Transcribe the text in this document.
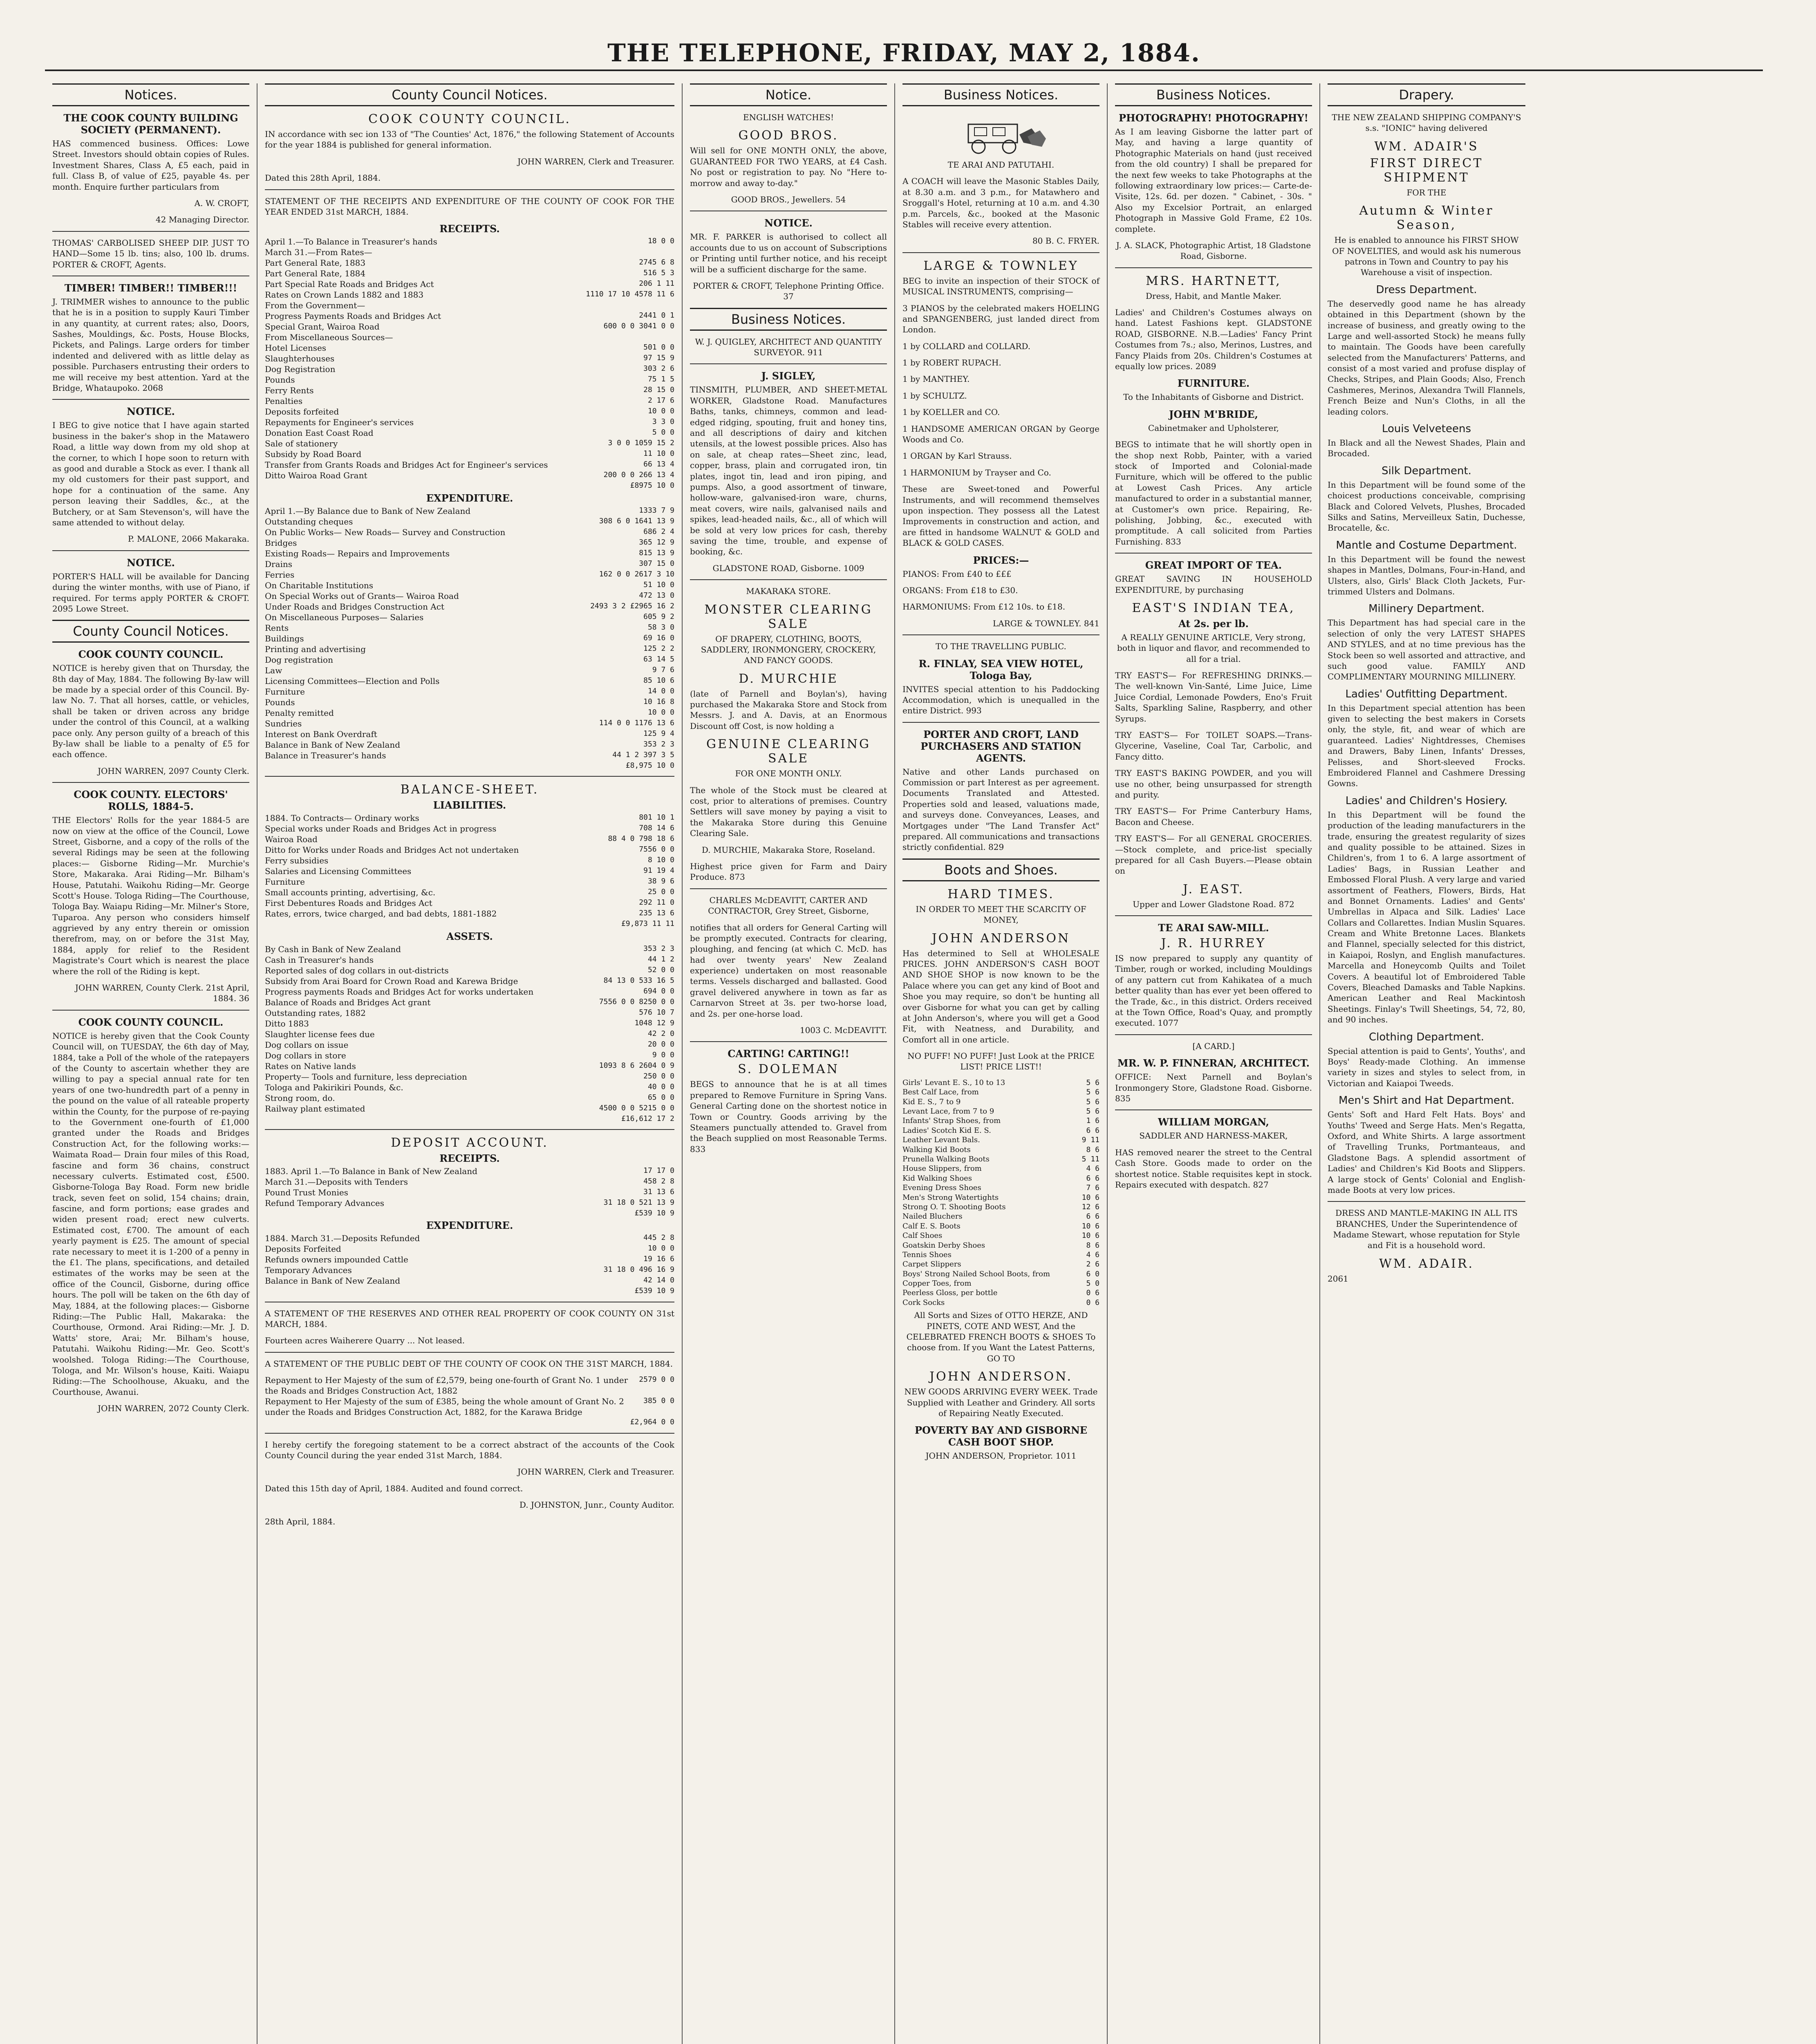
THE TELEPHONE, FRIDAY, MAY 2, 1884.
Notices.
THE COOK COUNTY BUILDING SOCIETY (PERMANENT).
HAS commenced business. Offices: Lowe Street. Investors should obtain copies of Rules. Investment Shares, Class A, £5 each, paid in full. Class B, of value of £25, payable 4s. per month. Enquire further particulars from
A. W. CROFT,
42 Managing Director.
THOMAS' CARBOLISED SHEEP DIP. JUST TO HAND—Some 15 lb. tins; also, 100 lb. drums. PORTER & CROFT, Agents.
TIMBER! TIMBER!! TIMBER!!!
J. TRIMMER wishes to announce to the public that he is in a position to supply Kauri Timber in any quantity, at current rates; also, Doors, Sashes, Mouldings, &c. Posts, House Blocks, Pickets, and Palings. Large orders for timber indented and delivered with as little delay as possible. Purchasers entrusting their orders to me will receive my best attention. Yard at the Bridge, Whataupoko. 2068
NOTICE.
I BEG to give notice that I have again started business in the baker's shop in the Matawero Road, a little way down from my old shop at the corner, to which I hope soon to return with as good and durable a Stock as ever. I thank all my old customers for their past support, and hope for a continuation of the same. Any person leaving their Saddles, &c., at the Butchery, or at Sam Stevenson's, will have the same attended to without delay.
P. MALONE, 2066 Makaraka.
NOTICE.
PORTER'S HALL will be available for Dancing during the winter months, with use of Piano, if required. For terms apply PORTER & CROFT. 2095 Lowe Street.
County Council Notices.
COOK COUNTY COUNCIL.
NOTICE is hereby given that on Thursday, the 8th day of May, 1884. The following By-law will be made by a special order of this Council. By-law No. 7. That all horses, cattle, or vehicles, shall be taken or driven across any bridge under the control of this Council, at a walking pace only. Any person guilty of a breach of this By-law shall be liable to a penalty of £5 for each offence.
JOHN WARREN, 2097 County Clerk.
COOK COUNTY. ELECTORS' ROLLS, 1884-5.
THE Electors' Rolls for the year 1884-5 are now on view at the office of the Council, Lowe Street, Gisborne, and a copy of the rolls of the several Ridings may be seen at the following places:— Gisborne Riding—Mr. Murchie's Store, Makaraka. Arai Riding—Mr. Bilham's House, Patutahi. Waikohu Riding—Mr. George Scott's House. Tologa Riding—The Courthouse, Tologa Bay. Waiapu Riding—Mr. Milner's Store, Tuparoa. Any person who considers himself aggrieved by any entry therein or omission therefrom, may, on or before the 31st May, 1884, apply for relief to the Resident Magistrate's Court which is nearest the place where the roll of the Riding is kept.
JOHN WARREN, County Clerk. 21st April, 1884. 36
COOK COUNTY COUNCIL.
NOTICE is hereby given that the Cook County Council will, on TUESDAY, the 6th day of May, 1884, take a Poll of the whole of the ratepayers of the County to ascertain whether they are willing to pay a special annual rate for ten years of one two-hundredth part of a penny in the pound on the value of all rateable property within the County, for the purpose of re-paying to the Government one-fourth of £1,000 granted under the Roads and Bridges Construction Act, for the following works:— Waimata Road— Drain four miles of this Road, fascine and form 36 chains, construct necessary culverts. Estimated cost, £500. Gisborne-Tologa Bay Road. Form new bridle track, seven feet on solid, 154 chains; drain, fascine, and form portions; ease grades and widen present road; erect new culverts. Estimated cost, £700. The amount of each yearly payment is £25. The amount of special rate necessary to meet it is 1-200 of a penny in the £1. The plans, specifications, and detailed estimates of the works may be seen at the office of the Council, Gisborne, during office hours. The poll will be taken on the 6th day of May, 1884, at the following places:— Gisborne Riding:—The Public Hall, Makaraka: the Courthouse, Ormond. Arai Riding:—Mr. J. D. Watts' store, Arai; Mr. Bilham's house, Patutahi. Waikohu Riding:—Mr. Geo. Scott's woolshed. Tologa Riding:—The Courthouse, Tologa, and Mr. Wilson's house, Kaiti. Waiapu Riding:—The Schoolhouse, Akuaku, and the Courthouse, Awanui.
JOHN WARREN, 2072 County Clerk.
County Council Notices.
COOK COUNTY COUNCIL.
IN accordance with sec ion 133 of "The Counties' Act, 1876," the following Statement of Accounts for the year 1884 is published for general information.
JOHN WARREN, Clerk and Treasurer.
Dated this 28th April, 1884.
STATEMENT OF THE RECEIPTS AND EXPENDITURE OF THE COUNTY OF COOK FOR THE YEAR ENDED 31st MARCH, 1884.
RECEIPTS.
April 1.—To Balance in Treasurer's hands	18 0 0
March 31.—From Rates—
Part General Rate, 1883	2745 6 8
Part General Rate, 1884	516 5 3
Part Special Rate Roads and Bridges Act	206 1 11
Rates on Crown Lands 1882 and 1883	1110 17 10 4578 11 6
From the Government—
Progress Payments Roads and Bridges Act	2441 0 1
Special Grant, Wairoa Road	600 0 0 3041 0 0
From Miscellaneous Sources—
Hotel Licenses	501 0 0
Slaughterhouses	97 15 9
Dog Registration	303 2 6
Pounds	75 1 5
Ferry Rents	28 15 0
Penalties	2 17 6
Deposits forfeited	10 0 0
Repayments for Engineer's services	3 3 0
Donation East Coast Road	5 0 0
Sale of stationery	3 0 0 1059 15 2
Subsidy by Road Board	11 10 0
Transfer from Grants Roads and Bridges Act for Engineer's services	66 13 4
Ditto Wairoa Road Grant	200 0 0 266 13 4
£8975 10 0
EXPENDITURE.
April 1.—By Balance due to Bank of New Zealand	1333 7 9
Outstanding cheques	308 6 0 1641 13 9
On Public Works— New Roads— Survey and Construction	686 2 4
Bridges	365 12 9
Existing Roads— Repairs and Improvements	815 13 9
Drains	307 15 0
Ferries	162 0 0 2617 3 10
On Charitable Institutions	51 10 0
On Special Works out of Grants— Wairoa Road	472 13 0
Under Roads and Bridges Construction Act	2493 3 2 £2965 16 2
On Miscellaneous Purposes— Salaries	605 9 2
Rents	58 3 0
Buildings	69 16 0
Printing and advertising	125 2 2
Dog registration	63 14 5
Law	9 7 6
Licensing Committees—Election and Polls	85 10 6
Furniture	14 0 0
Pounds	10 16 8
Penalty remitted	10 0 0
Sundries	114 0 0 1176 13 6
Interest on Bank Overdraft	125 9 4
Balance in Bank of New Zealand	353 2 3
Balance in Treasurer's hands	44 1 2 397 3 5
£8,975 10 0
BALANCE-SHEET.
LIABILITIES.
1884. To Contracts— Ordinary works	801 10 1
Special works under Roads and Bridges Act in progress	708 14 6
Wairoa Road	88 4 0 798 18 6
Ditto for Works under Roads and Bridges Act not undertaken	7556 0 0
Ferry subsidies	8 10 0
Salaries and Licensing Committees	91 19 4
Furniture	38 9 6
Small accounts printing, advertising, &c.	25 0 0
First Debentures Roads and Bridges Act	292 11 0
Rates, errors, twice charged, and bad debts, 1881-1882	235 13 6
£9,873 11 11
ASSETS.
By Cash in Bank of New Zealand	353 2 3
Cash in Treasurer's hands	44 1 2
Reported sales of dog collars in out-districts	52 0 0
Subsidy from Arai Board for Crown Road and Karewa Bridge	84 13 0 533 16 5
Progress payments Roads and Bridges Act for works undertaken	694 0 0
Balance of Roads and Bridges Act grant	7556 0 0 8250 0 0
Outstanding rates, 1882	576 10 7
Ditto 1883	1048 12 9
Slaughter license fees due	42 2 0
Dog collars on issue	20 0 0
Dog collars in store	9 0 0
Rates on Native lands	1093 8 6 2604 0 9
Property— Tools and furniture, less depreciation	250 0 0
Tologa and Pakirikiri Pounds, &c.	40 0 0
Strong room, do.	65 0 0
Railway plant estimated	4500 0 0 5215 0 0
£16,612 17 2
DEPOSIT ACCOUNT.
RECEIPTS.
1883. April 1.—To Balance in Bank of New Zealand	17 17 0
March 31.—Deposits with Tenders	458 2 8
Pound Trust Monies	31 13 6
Refund Temporary Advances	31 18 0 521 13 9
£539 10 9
EXPENDITURE.
1884. March 31.—Deposits Refunded	445 2 8
Deposits Forfeited	10 0 0
Refunds owners impounded Cattle	19 16 6
Temporary Advances	31 18 0 496 16 9
Balance in Bank of New Zealand	42 14 0
£539 10 9
A STATEMENT OF THE RESERVES AND OTHER REAL PROPERTY OF COOK COUNTY ON 31st MARCH, 1884.
Fourteen acres Waiherere Quarry ... Not leased.
A STATEMENT OF THE PUBLIC DEBT OF THE COUNTY OF COOK ON THE 31ST MARCH, 1884.
Repayment to Her Majesty of the sum of £2,579, being one-fourth of Grant No. 1 under the Roads and Bridges Construction Act, 1882
2579 0 0
Repayment to Her Majesty of the sum of £385, being the whole amount of Grant No. 2 under the Roads and Bridges Construction Act, 1882, for the Karawa Bridge
385 0 0
£2,964 0 0
I hereby certify the foregoing statement to be a correct abstract of the accounts of the Cook County Council during the year ended 31st March, 1884.
JOHN WARREN, Clerk and Treasurer.
Dated this 15th day of April, 1884. Audited and found correct.
D. JOHNSTON, Junr., County Auditor.
28th April, 1884.
Notice.
ENGLISH WATCHES!
GOOD BROS.
Will sell for ONE MONTH ONLY, the above, GUARANTEED FOR TWO YEARS, at £4 Cash. No post or registration to pay. No "Here to-morrow and away to-day."
GOOD BROS., Jewellers. 54
NOTICE.
MR. F. PARKER is authorised to collect all accounts due to us on account of Subscriptions or Printing until further notice, and his receipt will be a sufficient discharge for the same.
PORTER & CROFT, Telephone Printing Office. 37
Business Notices.
W. J. QUIGLEY, ARCHITECT AND QUANTITY SURVEYOR. 911
J. SIGLEY,
TINSMITH, PLUMBER, AND SHEET-METAL WORKER, Gladstone Road. Manufactures Baths, tanks, chimneys, common and lead-edged ridging, spouting, fruit and honey tins, and all descriptions of dairy and kitchen utensils, at the lowest possible prices. Also has on sale, at cheap rates—Sheet zinc, lead, copper, brass, plain and corrugated iron, tin plates, ingot tin, lead and iron piping, and pumps. Also, a good assortment of tinware, hollow-ware, galvanised-iron ware, churns, meat covers, wire nails, galvanised nails and spikes, lead-headed nails, &c., all of which will be sold at very low prices for cash, thereby saving the time, trouble, and expense of booking, &c.
GLADSTONE ROAD, Gisborne. 1009
MAKARAKA STORE.
MONSTER CLEARING SALE
OF DRAPERY, CLOTHING, BOOTS, SADDLERY, IRONMONGERY, CROCKERY, AND FANCY GOODS.
D. MURCHIE
(late of Parnell and Boylan's), having purchased the Makaraka Store and Stock from Messrs. J. and A. Davis, at an Enormous Discount off Cost, is now holding a
GENUINE CLEARING SALE
FOR ONE MONTH ONLY.
The whole of the Stock must be cleared at cost, prior to alterations of premises. Country Settlers will save money by paying a visit to the Makaraka Store during this Genuine Clearing Sale.
D. MURCHIE, Makaraka Store, Roseland.
Highest price given for Farm and Dairy Produce. 873
CHARLES McDEAVITT, CARTER AND CONTRACTOR, Grey Street, Gisborne,
notifies that all orders for General Carting will be promptly executed. Contracts for clearing, ploughing, and fencing (at which C. McD. has had over twenty years' New Zealand experience) undertaken on most reasonable terms. Vessels discharged and ballasted. Good gravel delivered anywhere in town as far as Carnarvon Street at 3s. per two-horse load, and 2s. per one-horse load.
1003 C. McDEAVITT.
CARTING! CARTING!!
S. DOLEMAN
BEGS to announce that he is at all times prepared to Remove Furniture in Spring Vans. General Carting done on the shortest notice in Town or Country. Goods arriving by the Steamers punctually attended to. Gravel from the Beach supplied on most Reasonable Terms. 833
Business Notices.
TE ARAI AND PATUTAHI.
A COACH will leave the Masonic Stables Daily, at 8.30 a.m. and 3 p.m., for Matawhero and Sroggall's Hotel, returning at 10 a.m. and 4.30 p.m. Parcels, &c., booked at the Masonic Stables will receive every attention.
80 B. C. FRYER.
LARGE & TOWNLEY
BEG to invite an inspection of their STOCK of MUSICAL INSTRUMENTS, comprising—
3 PIANOS by the celebrated makers HOELING and SPANGENBERG, just landed direct from London.
1 by COLLARD and COLLARD.
1 by ROBERT RUPACH.
1 by MANTHEY.
1 by SCHULTZ.
1 by KOELLER and CO.
1 HANDSOME AMERICAN ORGAN by George Woods and Co.
1 ORGAN by Karl Strauss.
1 HARMONIUM by Trayser and Co.
These are Sweet-toned and Powerful Instruments, and will recommend themselves upon inspection. They possess all the Latest Improvements in construction and action, and are fitted in handsome WALNUT & GOLD and BLACK & GOLD CASES.
PRICES:—
PIANOS: From £40 to £££
ORGANS: From £18 to £30.
HARMONIUMS: From £12 10s. to £18.
LARGE & TOWNLEY. 841
TO THE TRAVELLING PUBLIC.
R. FINLAY, SEA VIEW HOTEL, Tologa Bay,
INVITES special attention to his Paddocking Accommodation, which is unequalled in the entire District. 993
PORTER AND CROFT, LAND PURCHASERS AND STATION AGENTS.
Native and other Lands purchased on Commission or part Interest as per agreement. Documents Translated and Attested. Properties sold and leased, valuations made, and surveys done. Conveyances, Leases, and Mortgages under "The Land Transfer Act" prepared. All communications and transactions strictly confidential. 829
Boots and Shoes.
HARD TIMES.
IN ORDER TO MEET THE SCARCITY OF MONEY,
JOHN ANDERSON
Has determined to Sell at WHOLESALE PRICES. JOHN ANDERSON'S CASH BOOT AND SHOE SHOP is now known to be the Palace where you can get any kind of Boot and Shoe you may require, so don't be hunting all over Gisborne for what you can get by calling at John Anderson's, where you will get a Good Fit, with Neatness, and Durability, and Comfort all in one article.
NO PUFF! NO PUFF! Just Look at the PRICE LIST! PRICE LIST!!
Girls' Levant E. S., 10 to 13	5 6
Best Calf Lace, from	5 6
Kid E. S., 7 to 9	5 6
Levant Lace, from 7 to 9	5 6
Infants' Strap Shoes, from	1 6
Ladies' Scotch Kid E. S.	6 6
Leather Levant Bals.	9 11
Walking Kid Boots	8 6
Prunella Walking Boots	5 11
House Slippers, from	4 6
Kid Walking Shoes	6 6
Evening Dress Shoes	7 6
Men's Strong Watertights	10 6
Strong O. T. Shooting Boots	12 6
Nailed Bluchers	6 6
Calf E. S. Boots	10 6
Calf Shoes	10 6
Goatskin Derby Shoes	8 6
Tennis Shoes	4 6
Carpet Slippers	2 6
Boys' Strong Nailed School Boots, from	6 0
Copper Toes, from	5 0
Peerless Gloss, per bottle	0 6
Cork Socks	0 6
All Sorts and Sizes of OTTO HERZE, AND PINETS, COTE AND WEST, And the CELEBRATED FRENCH BOOTS & SHOES To choose from. If you Want the Latest Patterns, GO TO
JOHN ANDERSON.
NEW GOODS ARRIVING EVERY WEEK. Trade Supplied with Leather and Grindery. All sorts of Repairing Neatly Executed.
POVERTY BAY AND GISBORNE CASH BOOT SHOP.
JOHN ANDERSON, Proprietor. 1011
Business Notices.
PHOTOGRAPHY! PHOTOGRAPHY!
As I am leaving Gisborne the latter part of May, and having a large quantity of Photographic Materials on hand (just received from the old country) I shall be prepared for the next few weeks to take Photographs at the following extraordinary low prices:— Carte-de-Visite, 12s. 6d. per dozen. " Cabinet, - 30s. " Also my Excelsior Portrait, an enlarged Photograph in Massive Gold Frame, £2 10s. complete.
J. A. SLACK, Photographic Artist, 18 Gladstone Road, Gisborne.
MRS. HARTNETT,
Dress, Habit, and Mantle Maker.
Ladies' and Children's Costumes always on hand. Latest Fashions kept. GLADSTONE ROAD, GISBORNE. N.B.—Ladies' Fancy Print Costumes from 7s.; also, Merinos, Lustres, and Fancy Plaids from 20s. Children's Costumes at equally low prices. 2089
FURNITURE.
To the Inhabitants of Gisborne and District.
JOHN M'BRIDE,
Cabinetmaker and Upholsterer,
BEGS to intimate that he will shortly open in the shop next Robb, Painter, with a varied stock of Imported and Colonial-made Furniture, which will be offered to the public at Lowest Cash Prices. Any article manufactured to order in a substantial manner, at Customer's own price. Repairing, Re-polishing, Jobbing, &c., executed with promptitude. A call solicited from Parties Furnishing. 833
GREAT IMPORT OF TEA.
GREAT SAVING IN HOUSEHOLD EXPENDITURE, by purchasing
EAST'S INDIAN TEA,
At 2s. per lb.
A REALLY GENUINE ARTICLE, Very strong, both in liquor and flavor, and recommended to all for a trial.
TRY EAST'S— For REFRESHING DRINKS.—The well-known Vin-Santé, Lime Juice, Lime Juice Cordial, Lemonade Powders, Eno's Fruit Salts, Sparkling Saline, Raspberry, and other Syrups.
TRY EAST'S— For TOILET SOAPS.—Trans-Glycerine, Vaseline, Coal Tar, Carbolic, and Fancy ditto.
TRY EAST'S BAKING POWDER, and you will use no other, being unsurpassed for strength and purity.
TRY EAST'S— For Prime Canterbury Hams, Bacon and Cheese.
TRY EAST'S— For all GENERAL GROCERIES.—Stock complete, and price-list specially prepared for all Cash Buyers.—Please obtain on
J. EAST.
Upper and Lower Gladstone Road. 872
TE ARAI SAW-MILL.
J. R. HURREY
IS now prepared to supply any quantity of Timber, rough or worked, including Mouldings of any pattern cut from Kahikatea of a much better quality than has ever yet been offered to the Trade, &c., in this district. Orders received at the Town Office, Road's Quay, and promptly executed. 1077
[A CARD.]
MR. W. P. FINNERAN, ARCHITECT.
OFFICE: Next Parnell and Boylan's Ironmongery Store, Gladstone Road. Gisborne. 835
WILLIAM MORGAN,
SADDLER AND HARNESS-MAKER,
HAS removed nearer the street to the Central Cash Store. Goods made to order on the shortest notice. Stable requisites kept in stock. Repairs executed with despatch. 827
Drapery.
THE NEW ZEALAND SHIPPING COMPANY'S s.s. "IONIC" having delivered
WM. ADAIR'S
FIRST DIRECT SHIPMENT
FOR THE
Autumn & Winter Season,
He is enabled to announce his FIRST SHOW OF NOVELTIES, and would ask his numerous patrons in Town and Country to pay his Warehouse a visit of inspection.
Dress Department.
The deservedly good name he has already obtained in this Department (shown by the increase of business, and greatly owing to the Large and well-assorted Stock) he means fully to maintain. The Goods have been carefully selected from the Manufacturers' Patterns, and consist of a most varied and profuse display of Checks, Stripes, and Plain Goods; Also, French Cashmeres, Merinos, Alexandra Twill Flannels, French Beize and Nun's Cloths, in all the leading colors.
Louis Velveteens
In Black and all the Newest Shades, Plain and Brocaded.
Silk Department.
In this Department will be found some of the choicest productions conceivable, comprising Black and Colored Velvets, Plushes, Brocaded Silks and Satins, Merveilleux Satin, Duchesse, Brocatelle, &c.
Mantle and Costume Department.
In this Department will be found the newest shapes in Mantles, Dolmans, Four-in-Hand, and Ulsters, also, Girls' Black Cloth Jackets, Fur-trimmed Ulsters and Dolmans.
Millinery Department.
This Department has had special care in the selection of only the very LATEST SHAPES AND STYLES, and at no time previous has the Stock been so well assorted and attractive, and such good value. FAMILY AND COMPLIMENTARY MOURNING MILLINERY.
Ladies' Outfitting Department.
In this Department special attention has been given to selecting the best makers in Corsets only, the style, fit, and wear of which are guaranteed. Ladies' Nightdresses, Chemises and Drawers, Baby Linen, Infants' Dresses, Pelisses, and Short-sleeved Frocks. Embroidered Flannel and Cashmere Dressing Gowns.
Ladies' and Children's Hosiery.
In this Department will be found the production of the leading manufacturers in the trade, ensuring the greatest regularity of sizes and quality possible to be attained. Sizes in Children's, from 1 to 6. A large assortment of Ladies' Bags, in Russian Leather and Embossed Floral Plush. A very large and varied assortment of Feathers, Flowers, Birds, Hat and Bonnet Ornaments. Ladies' and Gents' Umbrellas in Alpaca and Silk. Ladies' Lace Collars and Collarettes. Indian Muslin Squares. Cream and White Bretonne Laces. Blankets and Flannel, specially selected for this district, in Kaiapoi, Roslyn, and English manufactures. Marcella and Honeycomb Quilts and Toilet Covers. A beautiful lot of Embroidered Table Covers, Bleached Damasks and Table Napkins. American Leather and Real Mackintosh Sheetings. Finlay's Twill Sheetings, 54, 72, 80, and 90 inches.
Clothing Department.
Special attention is paid to Gents', Youths', and Boys' Ready-made Clothing. An immense variety in sizes and styles to select from, in Victorian and Kaiapoi Tweeds.
Men's Shirt and Hat Department.
Gents' Soft and Hard Felt Hats. Boys' and Youths' Tweed and Serge Hats. Men's Regatta, Oxford, and White Shirts. A large assortment of Travelling Trunks, Portmanteaus, and Gladstone Bags. A splendid assortment of Ladies' and Children's Kid Boots and Slippers. A large stock of Gents' Colonial and English-made Boots at very low prices.
DRESS AND MANTLE-MAKING IN ALL ITS BRANCHES, Under the Superintendence of Madame Stewart, whose reputation for Style and Fit is a household word.
WM. ADAIR.
2061
